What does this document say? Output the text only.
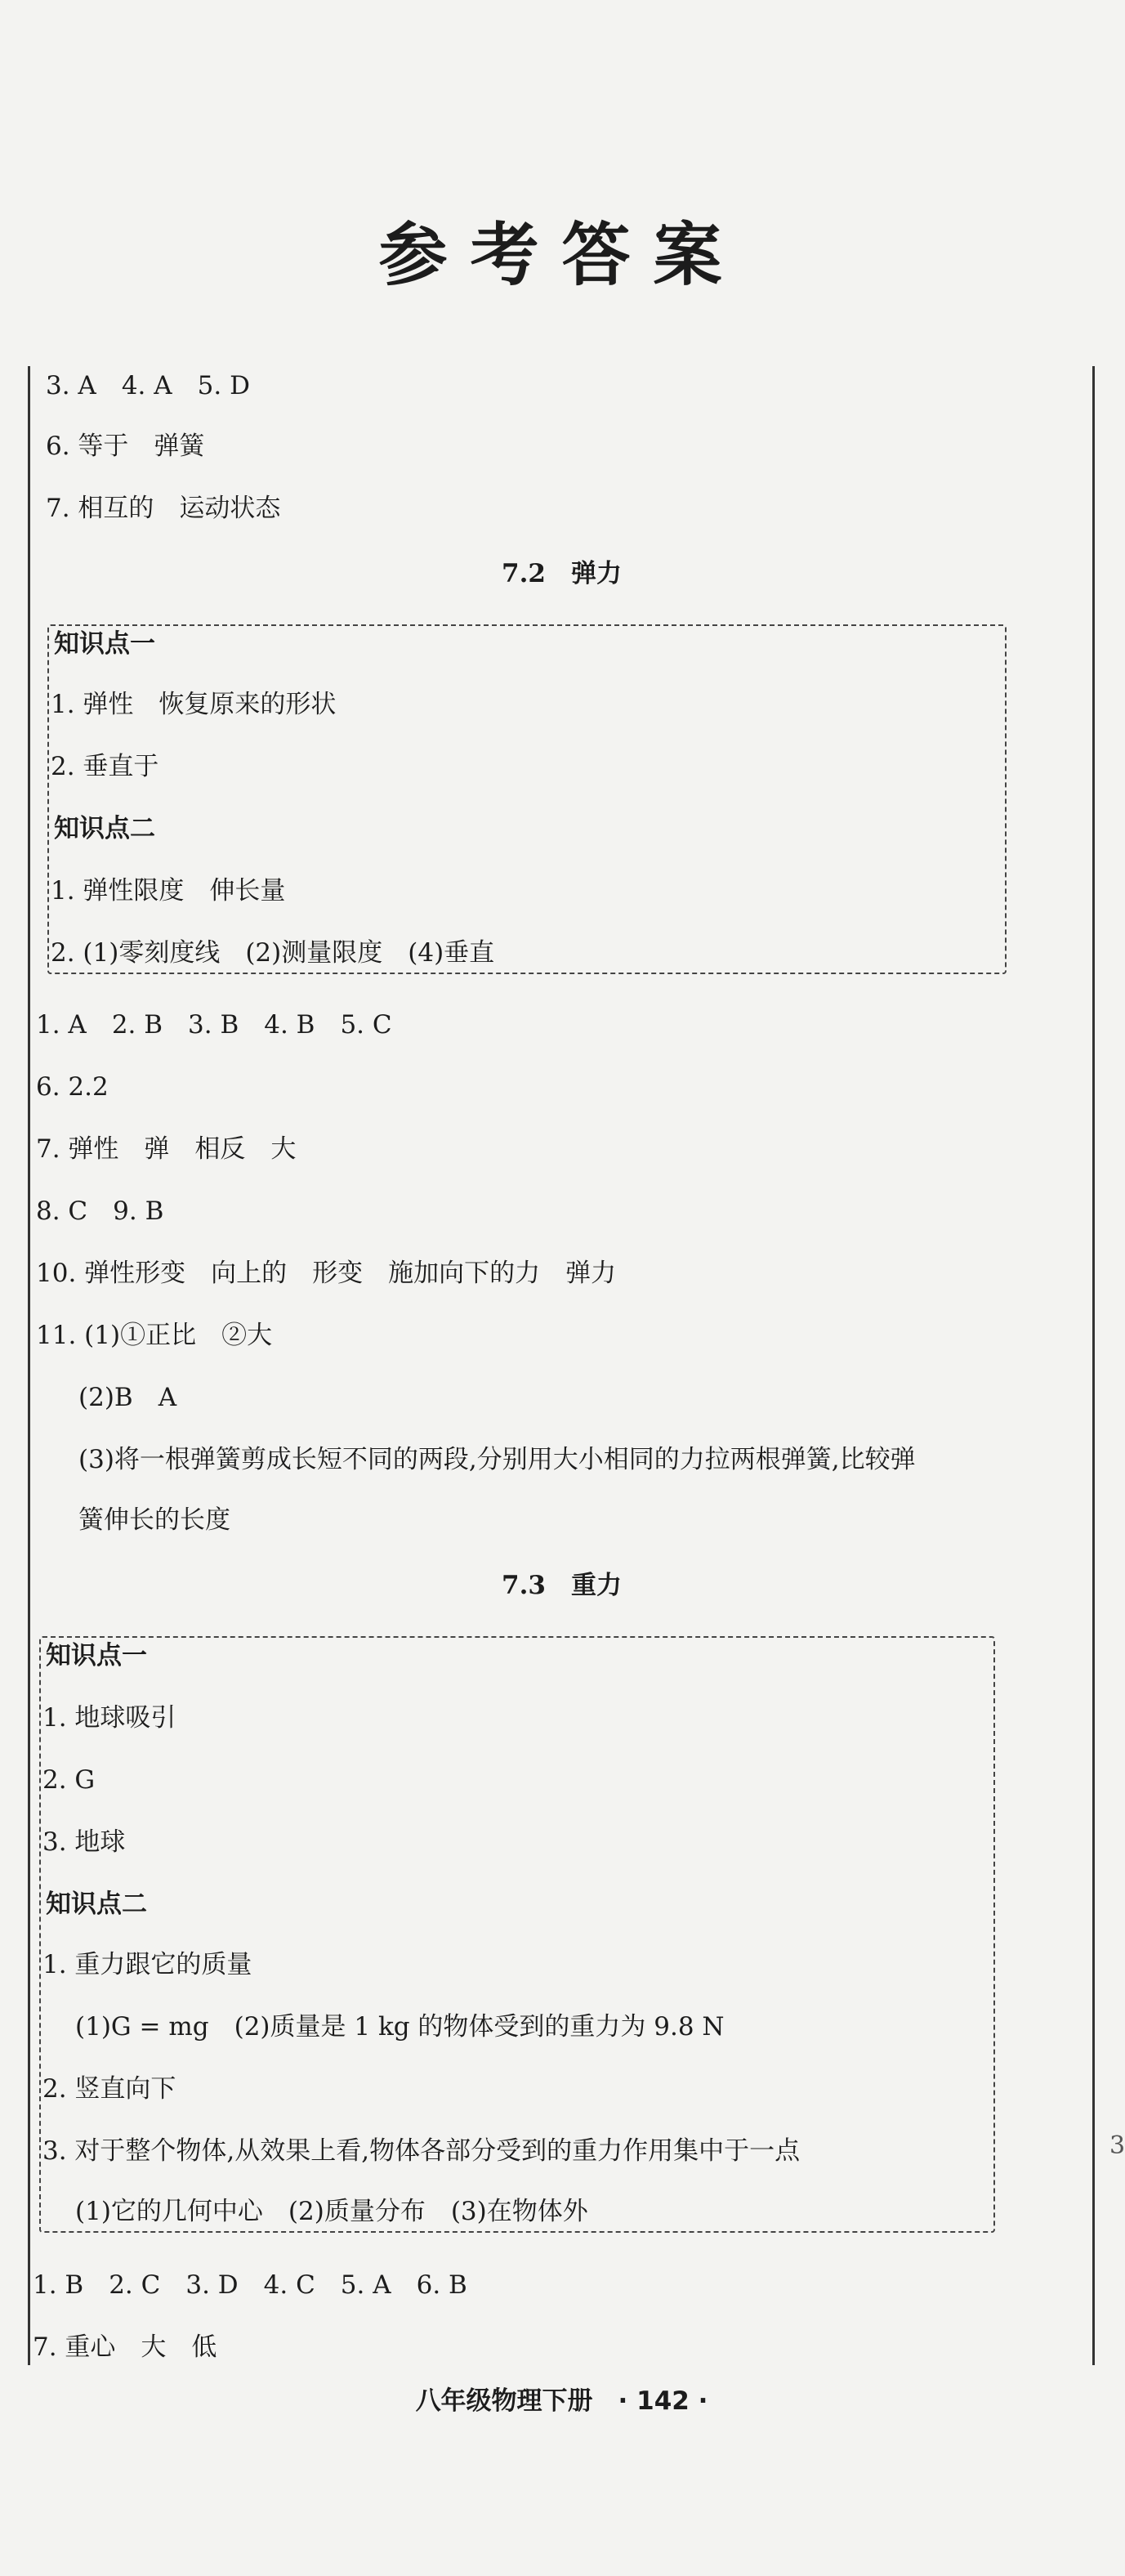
参考答案
3. A　4. A　5. D
6. 等于　弹簧
7. 相互的　运动状态
7.2　弹力
知识点一
1. 弹性　恢复原来的形状
2. 垂直于
知识点二
1. 弹性限度　伸长量
2. (1)零刻度线　(2)测量限度　(4)垂直
1. A　2. B　3. B　4. B　5. C
6. 2.2
7. 弹性　弹　相反　大
8. C　9. B
10. 弹性形变　向上的　形变　施加向下的力　弹力
11. (1)①正比　②大
(2)B　A
(3)将一根弹簧剪成长短不同的两段,分别用大小相同的力拉两根弹簧,比较弹
簧伸长的长度
7.3　重力
知识点一
1. 地球吸引
2. G
3. 地球
知识点二
1. 重力跟它的质量
(1)G = mg　(2)质量是 1 kg 的物体受到的重力为 9.8 N
2. 竖直向下
3. 对于整个物体,从效果上看,物体各部分受到的重力作用集中于一点
(1)它的几何中心　(2)质量分布　(3)在物体外
1. B　2. C　3. D　4. C　5. A　6. B
7. 重心　大　低
八年级物理下册　· 142 ·
3
